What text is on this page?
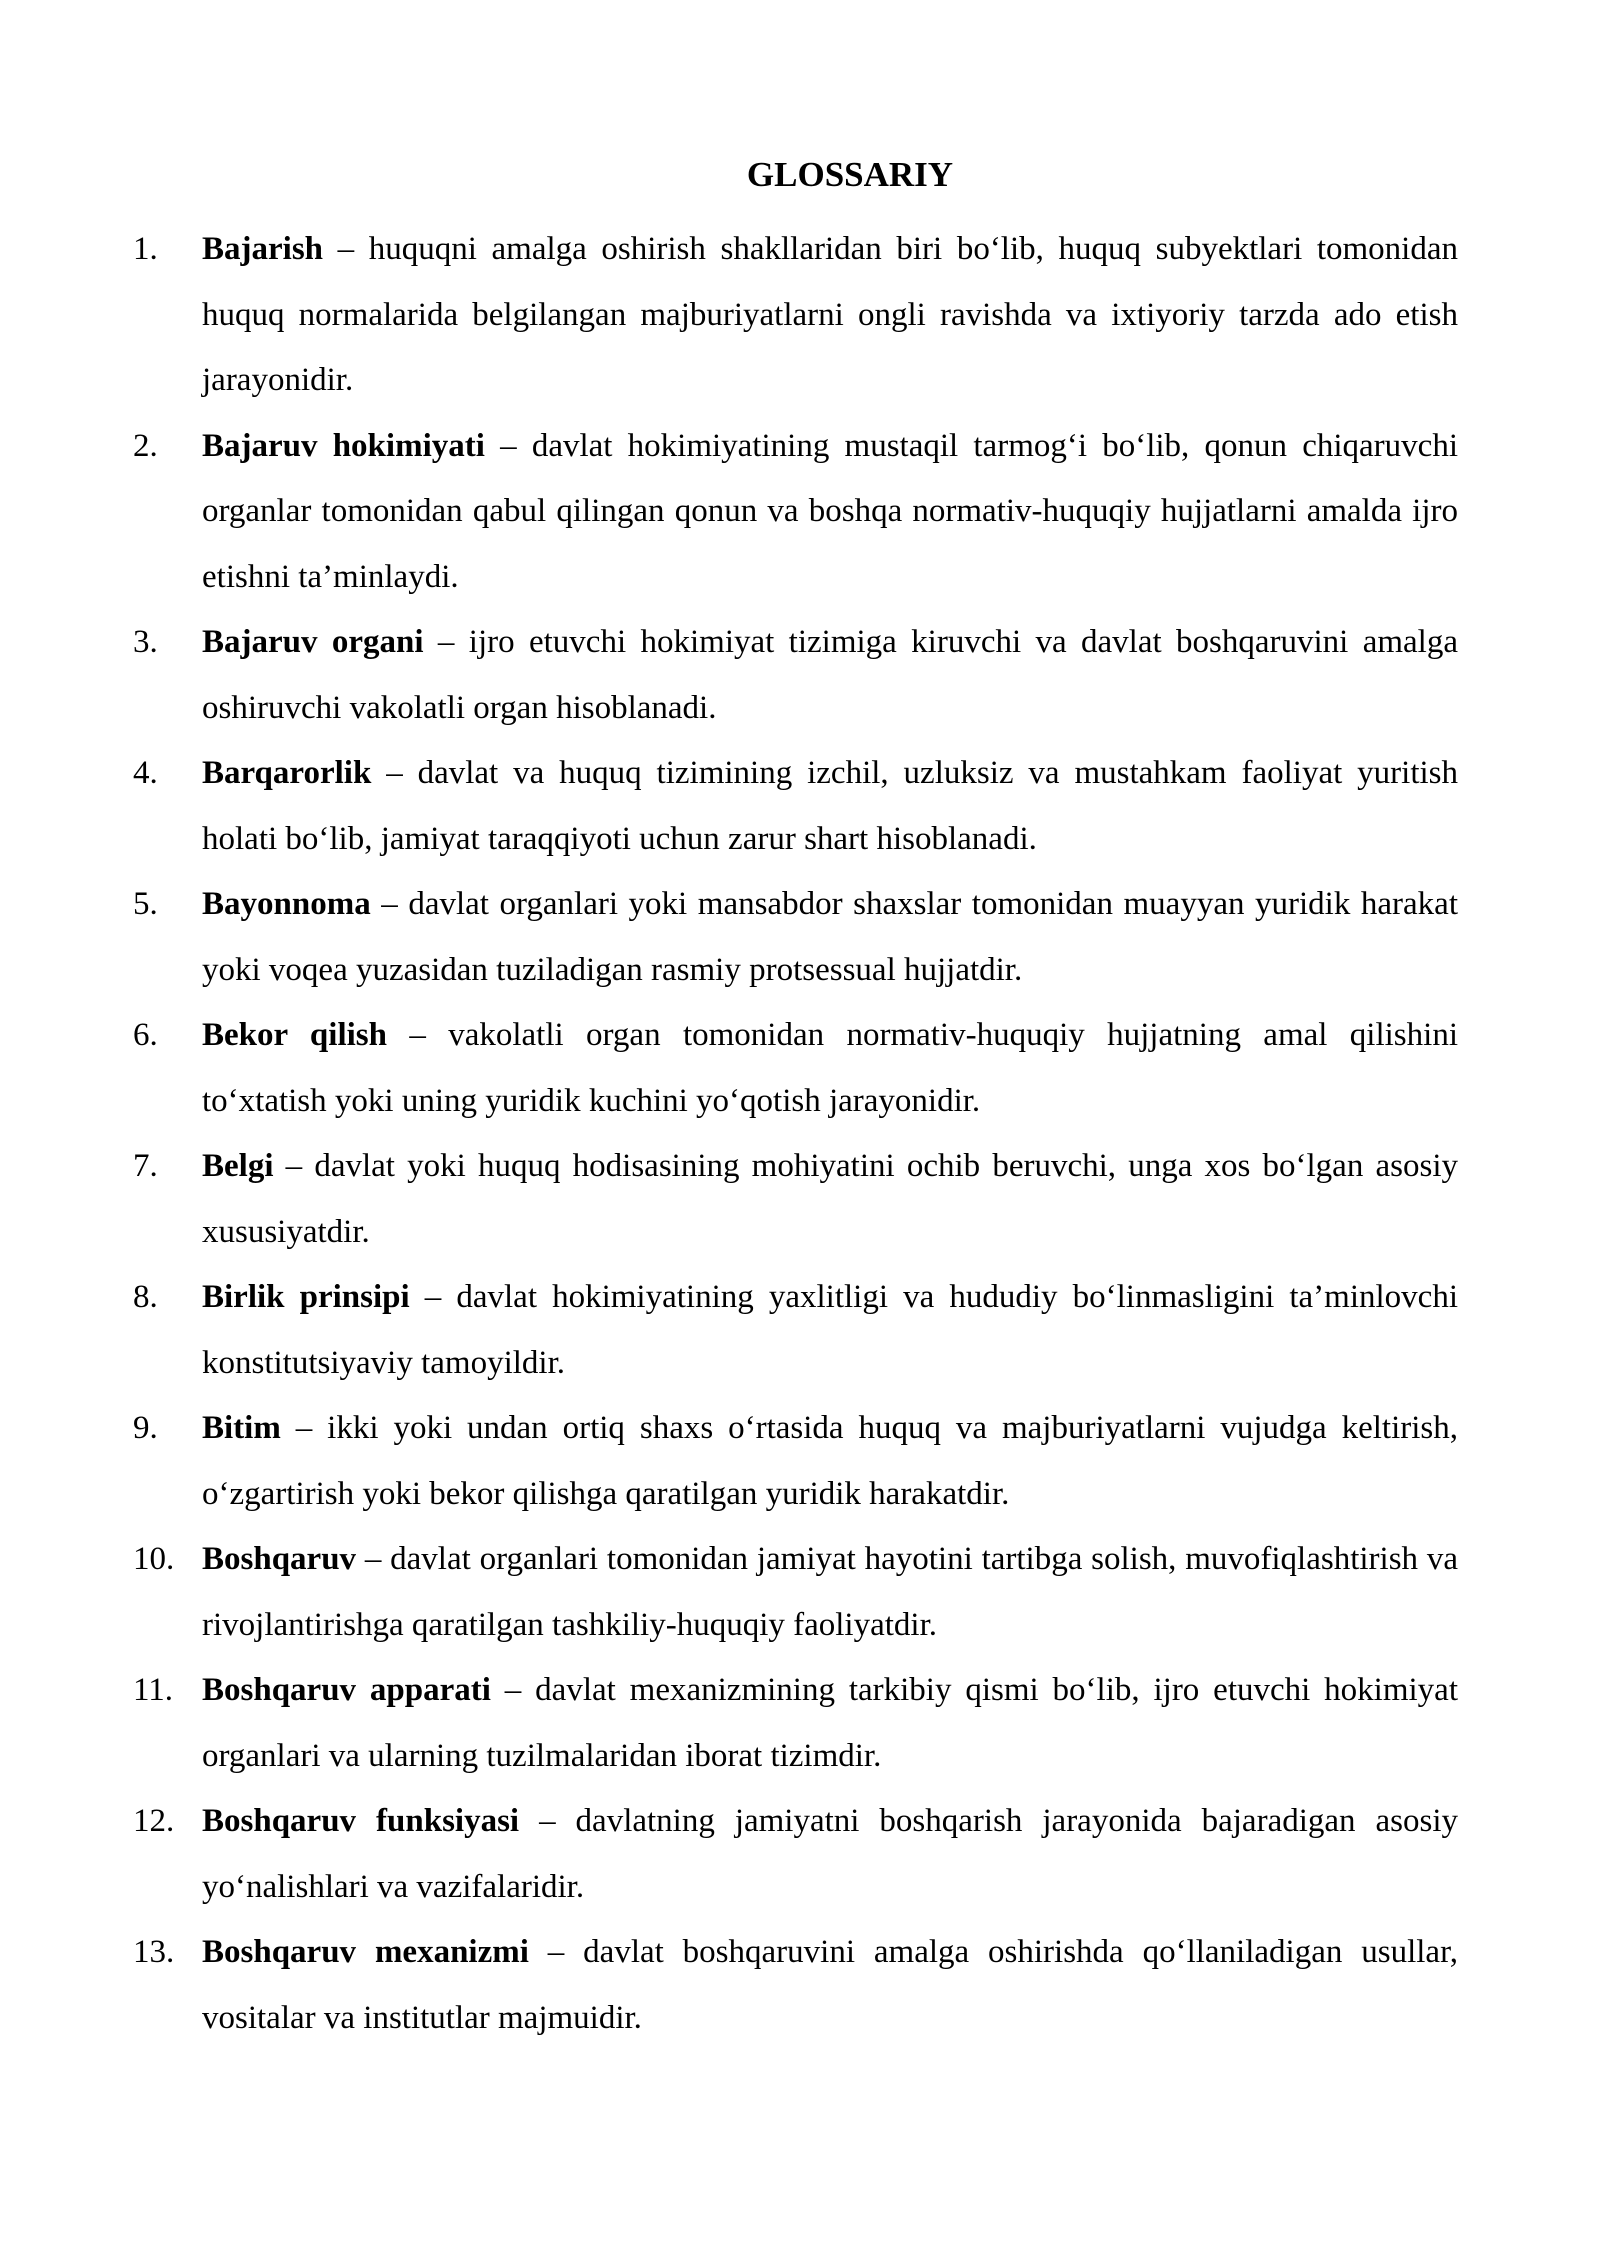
GLOSSARIY
1. Bajarish – huquqni amalga oshirish shakllaridan biri bo‘lib, huquq subyektlari tomonidan huquq normalarida belgilangan majburiyatlarni ongli ravishda va ixtiyoriy tarzda ado etish jarayonidir.
2. Bajaruv hokimiyati – davlat hokimiyatining mustaqil tarmog‘i bo‘lib, qonun chiqaruvchi organlar tomonidan qabul qilingan qonun va boshqa normativ-huquqiy hujjatlarni amalda ijro etishni ta’minlaydi.
3. Bajaruv organi – ijro etuvchi hokimiyat tizimiga kiruvchi va davlat boshqaruvini amalga oshiruvchi vakolatli organ hisoblanadi.
4. Barqarorlik – davlat va huquq tizimining izchil, uzluksiz va mustahkam faoliyat yuritish holati bo‘lib, jamiyat taraqqiyoti uchun zarur shart hisoblanadi.
5. Bayonnoma – davlat organlari yoki mansabdor shaxslar tomonidan muayyan yuridik harakat yoki voqea yuzasidan tuziladigan rasmiy protsessual hujjatdir.
6. Bekor qilish – vakolatli organ tomonidan normativ-huquqiy hujjatning amal qilishini to‘xtatish yoki uning yuridik kuchini yo‘qotish jarayonidir.
7. Belgi – davlat yoki huquq hodisasining mohiyatini ochib beruvchi, unga xos bo‘lgan asosiy xususiyatdir.
8. Birlik prinsipi – davlat hokimiyatining yaxlitligi va hududiy bo‘linmasligini ta’minlovchi konstitutsiyaviy tamoyildir.
9. Bitim – ikki yoki undan ortiq shaxs o‘rtasida huquq va majburiyatlarni vujudga keltirish, o‘zgartirish yoki bekor qilishga qaratilgan yuridik harakatdir.
10. Boshqaruv – davlat organlari tomonidan jamiyat hayotini tartibga solish, muvofiqlashtirish va rivojlantirishga qaratilgan tashkiliy-huquqiy faoliyatdir.
11. Boshqaruv apparati – davlat mexanizmining tarkibiy qismi bo‘lib, ijro etuvchi hokimiyat organlari va ularning tuzilmalaridan iborat tizimdir.
12. Boshqaruv funksiyasi – davlatning jamiyatni boshqarish jarayonida bajaradigan asosiy yo‘nalishlari va vazifalaridir.
13. Boshqaruv mexanizmi – davlat boshqaruvini amalga oshirishda qo‘llaniladigan usullar, vositalar va institutlar majmuidir.
